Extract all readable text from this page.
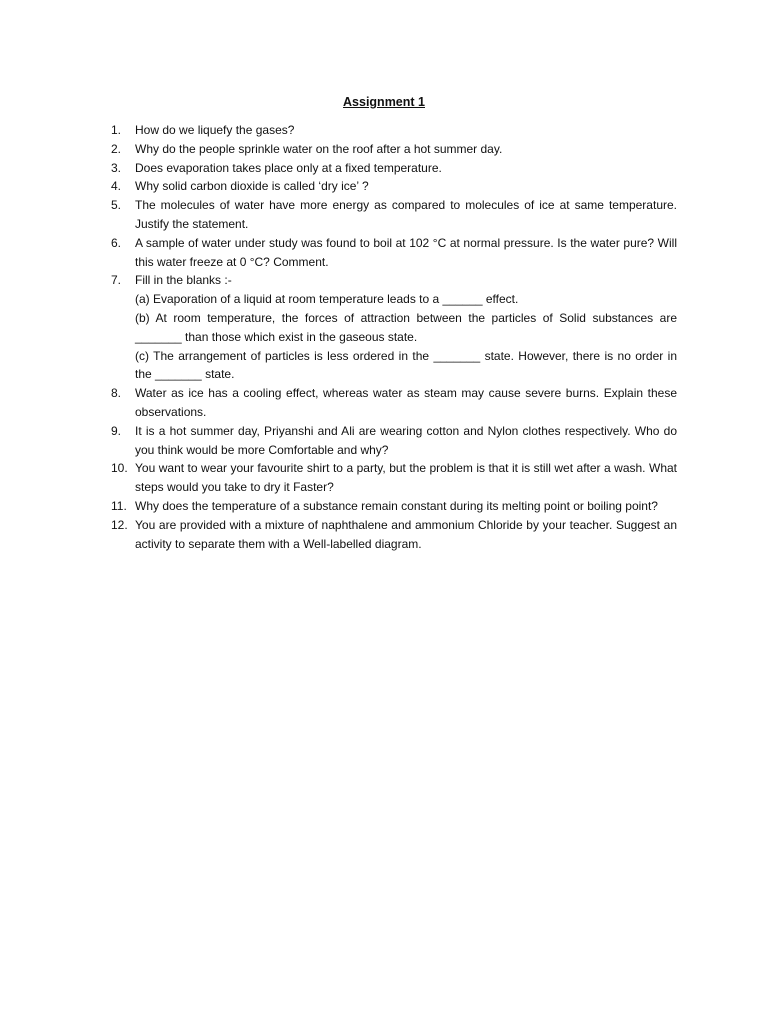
Assignment 1
1.	How do we liquefy the gases?
2.	Why do the people sprinkle water on the roof after a hot summer day.
3.	Does evaporation takes place only at a fixed temperature.
4.	Why solid carbon dioxide is called ‘dry ice’ ?
5.	The molecules of water have more energy as compared to molecules of ice at same temperature. Justify the statement.
6.	A sample of water under study was found to boil at 102 °C at normal pressure. Is the water pure? Will this water freeze at 0 °C? Comment.
7.	Fill in the blanks :-
(a) Evaporation of a liquid at room temperature leads to a ______ effect.
(b) At room temperature, the forces of attraction between the particles of Solid substances are _______ than those which exist in the gaseous state.
(c) The arrangement of particles is less ordered in the _______ state. However, there is no order in the _______ state.
8.	Water as ice has a cooling effect, whereas water as steam may cause severe burns. Explain these observations.
9.	It is a hot summer day, Priyanshi and Ali are wearing cotton and Nylon clothes respectively. Who do you think would be more Comfortable and why?
10. You want to wear your favourite shirt to a party, but the problem is that it is still wet after a wash. What steps would you take to dry it Faster?
11. Why does the temperature of a substance remain constant during its melting point or boiling point?
12. You are provided with a mixture of naphthalene and ammonium Chloride by your teacher. Suggest an activity to separate them with a Well-labelled diagram.
